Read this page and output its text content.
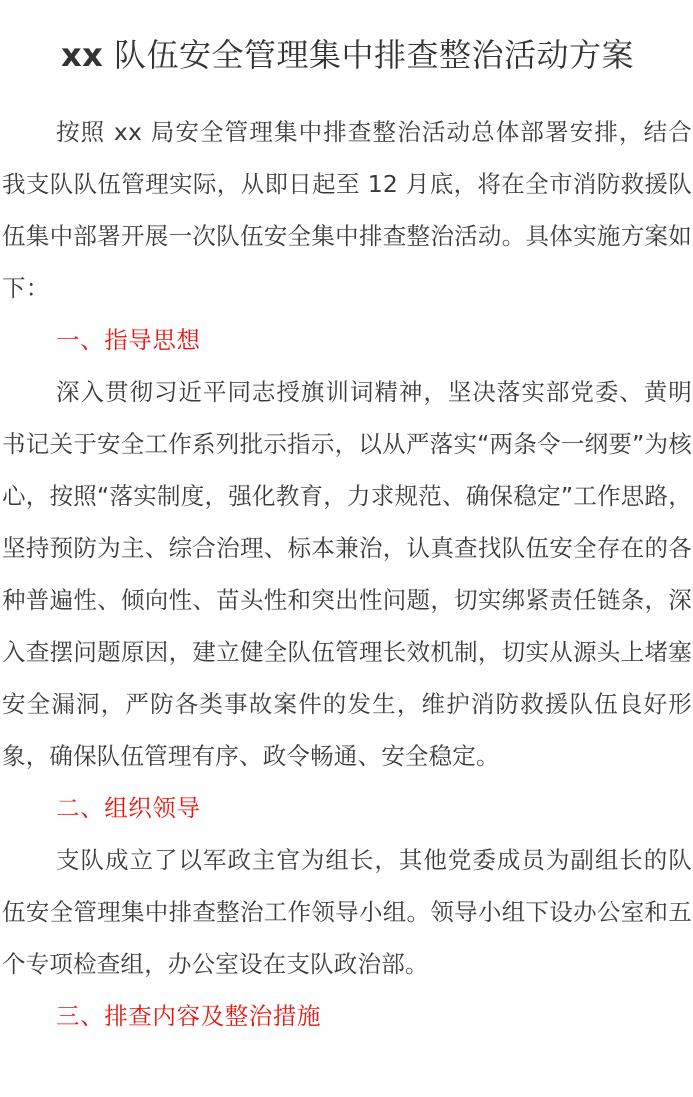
xx 队伍安全管理集中排查整治活动方案

按照 xx 局安全管理集中排查整治活动总体部署安排，结合我支队队伍管理实际，从即日起至 12 月底，将在全市消防救援队伍集中部署开展一次队伍安全集中排查整治活动。具体实施方案如下：

一、指导思想

深入贯彻习近平同志授旗训词精神，坚决落实部党委、黄明书记关于安全工作系列批示指示，以从严落实“两条令一纲要”为核心，按照“落实制度，强化教育，力求规范、确保稳定”工作思路，坚持预防为主、综合治理、标本兼治，认真查找队伍安全存在的各种普遍性、倾向性、苗头性和突出性问题，切实绑紧责任链条，深入查摆问题原因，建立健全队伍管理长效机制，切实从源头上堵塞安全漏洞，严防各类事故案件的发生，维护消防救援队伍良好形象，确保队伍管理有序、政令畅通、安全稳定。

二、组织领导

支队成立了以军政主官为组长，其他党委成员为副组长的队伍安全管理集中排查整治工作领导小组。领导小组下设办公室和五个专项检查组，办公室设在支队政治部。

三、排查内容及整治措施
